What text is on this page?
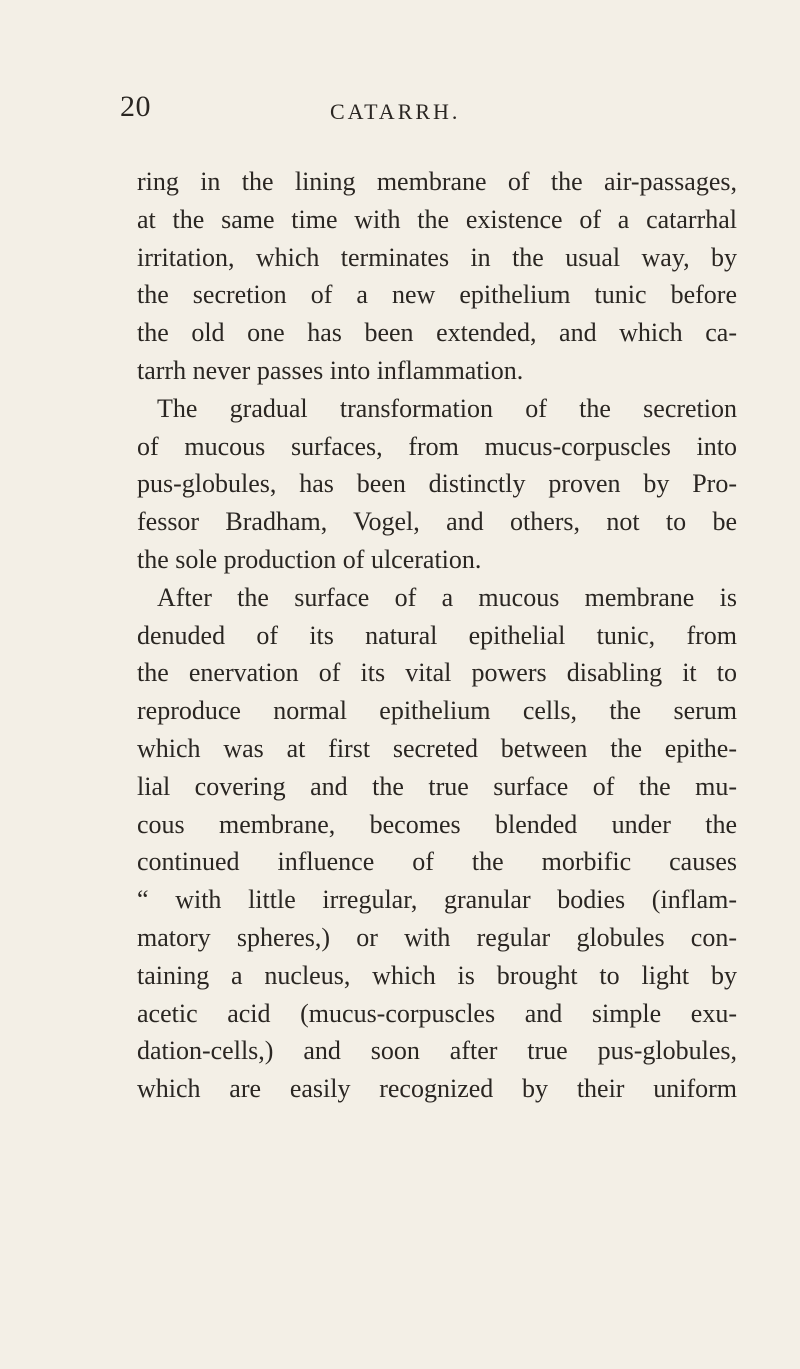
20	CATARRH.
ring in the lining membrane of the air-passages,
at the same time with the existence of a catarrhal
irritation, which terminates in the usual way, by
the secretion of a new epithelium tunic before
the old one has been extended, and which ca-
tarrh never passes into inflammation.
The gradual transformation of the secretion
of mucous surfaces, from mucus-corpuscles into
pus-globules, has been distinctly proven by Pro-
fessor Bradham, Vogel, and others, not to be
the sole production of ulceration.
After the surface of a mucous membrane is
denuded of its natural epithelial tunic, from
the enervation of its vital powers disabling it to
reproduce normal epithelium cells, the serum
which was at first secreted between the epithe-
lial covering and the true surface of the mu-
cous membrane, becomes blended under the
continued influence of the morbific causes
“ with little irregular, granular bodies (inflam-
matory spheres,) or with regular globules con-
taining a nucleus, which is brought to light by
acetic acid (mucus-corpuscles and simple exu-
dation-cells,) and soon after true pus-globules,
which are easily recognized by their uniform
